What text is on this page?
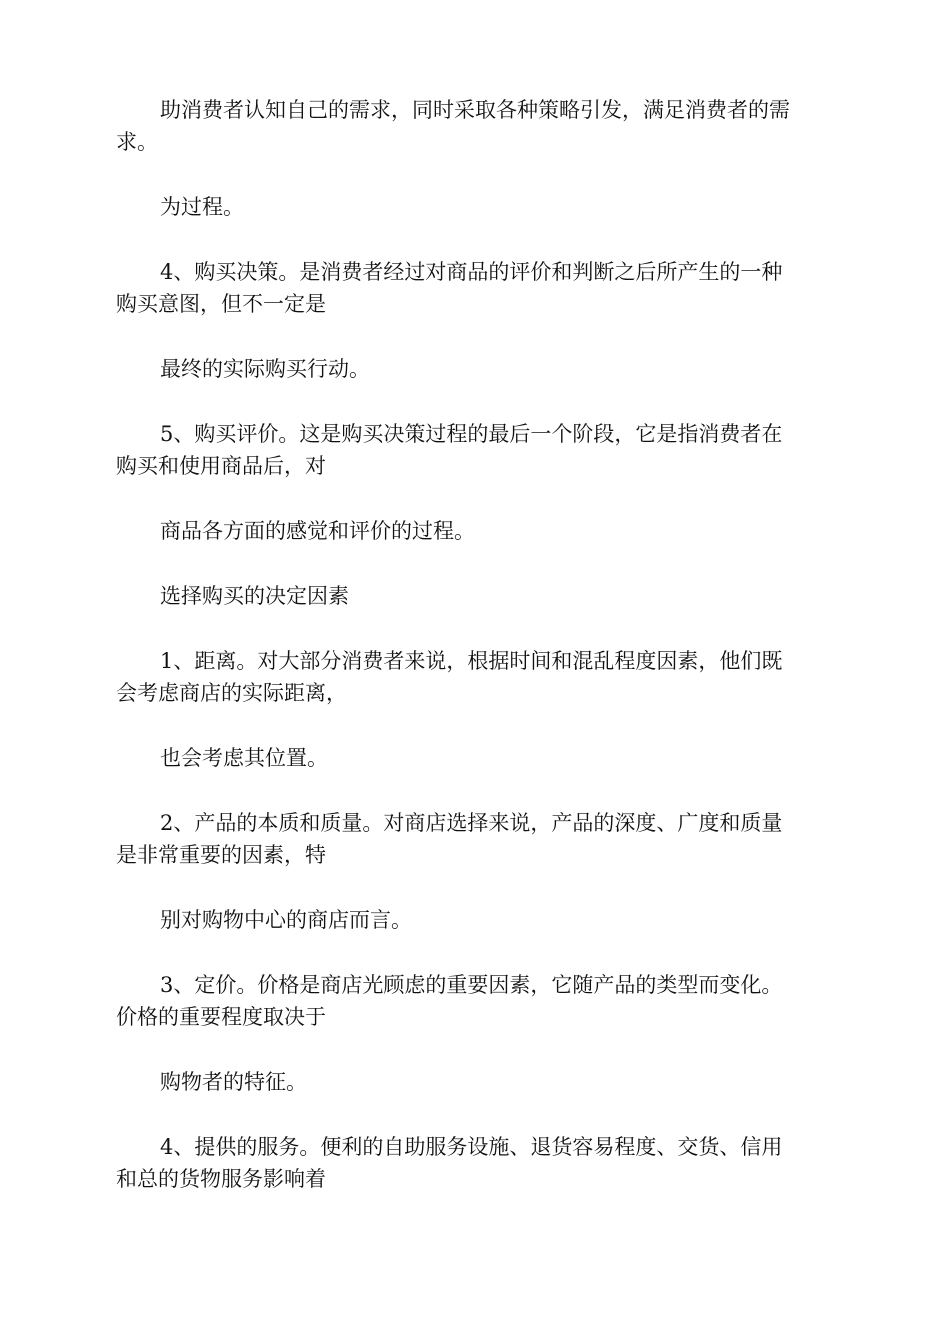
助消费者认知自己的需求，同时采取各种策略引发，满足消费者的需
求。

为过程。

4、购买决策。是消费者经过对商品的评价和判断之后所产生的一种
购买意图，但不一定是

最终的实际购买行动。

5、购买评价。这是购买决策过程的最后一个阶段，它是指消费者在
购买和使用商品后，对

商品各方面的感觉和评价的过程。

选择购买的决定因素

1、距离。对大部分消费者来说，根据时间和混乱程度因素，他们既
会考虑商店的实际距离，

也会考虑其位置。

2、产品的本质和质量。对商店选择来说，产品的深度、广度和质量
是非常重要的因素，特

别对购物中心的商店而言。

3、定价。价格是商店光顾虑的重要因素，它随产品的类型而变化。
价格的重要程度取决于

购物者的特征。

4、提供的服务。便利的自助服务设施、退货容易程度、交货、信用
和总的货物服务影响着
